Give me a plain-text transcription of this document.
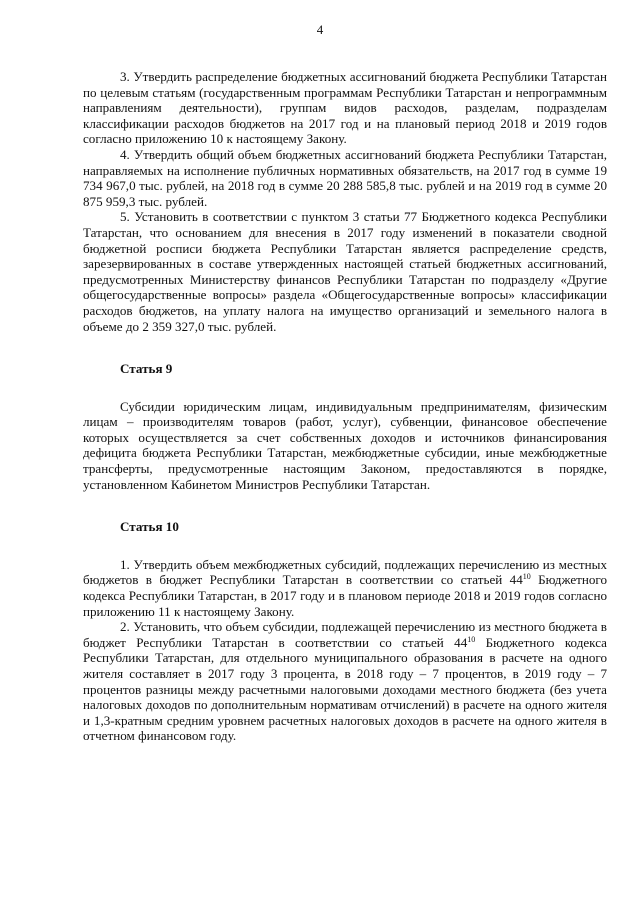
4

3. Утвердить распределение бюджетных ассигнований бюджета Республики Татарстан по целевым статьям (государственным программам Республики Татарстан и непрограммным направлениям деятельности), группам видов расходов, разделам, подразделам классификации расходов бюджетов на 2017 год и на плановый период 2018 и 2019 годов согласно приложению 10 к настоящему Закону.

4. Утвердить общий объем бюджетных ассигнований бюджета Республики Татарстан, направляемых на исполнение публичных нормативных обязательств, на 2017 год в сумме 19 734 967,0 тыс. рублей, на 2018 год в сумме 20 288 585,8 тыс. рублей и на 2019 год в сумме 20 875 959,3 тыс. рублей.

5. Установить в соответствии с пунктом 3 статьи 77 Бюджетного кодекса Республики Татарстан, что основанием для внесения в 2017 году изменений в показатели сводной бюджетной росписи бюджета Республики Татарстан является распределение средств, зарезервированных в составе утвержденных настоящей статьей бюджетных ассигнований, предусмотренных Министерству финансов Республики Татарстан по подразделу «Другие общегосударственные вопросы» раздела «Общегосударственные вопросы» классификации расходов бюджетов, на уплату налога на имущество организаций и земельного налога в объеме до 2 359 327,0 тыс. рублей.

Статья 9

Субсидии юридическим лицам, индивидуальным предпринимателям, физическим лицам – производителям товаров (работ, услуг), субвенции, финансовое обеспечение которых осуществляется за счет собственных доходов и источников финансирования дефицита бюджета Республики Татарстан, межбюджетные субсидии, иные межбюджетные трансферты, предусмотренные настоящим Законом, предоставляются в порядке, установленном Кабинетом Министров Республики Татарстан.

Статья 10

1. Утвердить объем межбюджетных субсидий, подлежащих перечислению из местных бюджетов в бюджет Республики Татарстан в соответствии со статьей $44^{10}$ Бюджетного кодекса Республики Татарстан, в 2017 году и в плановом периоде 2018 и 2019 годов согласно приложению 11 к настоящему Закону.

2. Установить, что объем субсидии, подлежащей перечислению из местного бюджета в бюджет Республики Татарстан в соответствии со статьей $44^{10}$ Бюджетного кодекса Республики Татарстан, для отдельного муниципального образования в расчете на одного жителя составляет в 2017 году 3 процента, в 2018 году – 7 процентов, в 2019 году – 7 процентов разницы между расчетными налоговыми доходами местного бюджета (без учета налоговых доходов по дополнительным нормативам отчислений) в расчете на одного жителя и 1,3-кратным средним уровнем расчетных налоговых доходов в расчете на одного жителя в отчетном финансовом году.
